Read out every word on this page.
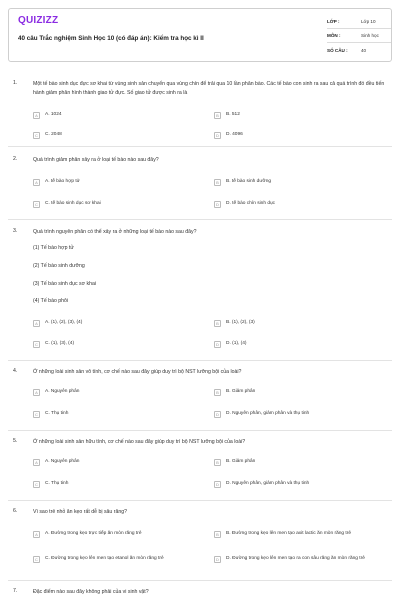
QUIZIZZ
40 câu Trắc nghiệm Sinh Học 10 (có đáp án): Kiểm tra học kì II
LỚP :	Lớp 10
MÔN :	Sinh học
SỐ CÂU :	40
1.	Một tế bào sinh dục đực sơ khai từ vùng sinh sản chuyển qua vùng chín để trải qua 10 lần phân bào. Các tế bào con sinh ra sau cả quá trình đó đều tiến hành giảm phân hình thành giao tử đực. Số giao tử được sinh ra là
A	A. 1024	B	B. 512
C	C. 2048	D	D. 4096
2.	Quá trình giảm phân xảy ra ở loại tế bào nào sau đây?
A	A. tế bào hợp tử	B	B. tế bào sinh dưỡng
C	C. tế bào sinh dục sơ khai	D	D. tế bào chín sinh dục
3.	Quá trình nguyên phân có thể xảy ra ở những loại tế bào nào sau đây?
(1) Tế bào hợp tử
(2) Tế bào sinh dưỡng
(3) Tế bào sinh dục sơ khai
(4) Tế bào phôi
A	A. (1), (2), (3), (4)	B	B. (1), (2), (3)
C	C. (1), (3), (4)	D	D. (1), (4)
4.	Ở những loài sinh sản vô tính, cơ chế nào sau đây giúp duy trì bộ NST lưỡng bội của loài?
A	A. Nguyên phân	B	B. Giảm phân
C	C. Thụ tinh	D	D. Nguyên phân, giảm phân và thụ tinh
5.	Ở những loài sinh sản hữu tính, cơ chế nào sau đây giúp duy trì bộ NST lưỡng bội của loài?
A	A. Nguyên phân	B	B. Giảm phân
C	C. Thụ tinh	D	D. Nguyên phân, giảm phân và thụ tinh
6.	Vì sao trẻ nhỏ ăn kẹo rất dễ bị sâu răng?
A	A. Đường trong kẹo trực tiếp ăn mòn răng trẻ	B	B. Đường trong kẹo lên men tạo axit lactic ăn mòn răng trẻ
C	C. Đường trong kẹo lên men tạo etanol ăn mòn răng trẻ	D	D. Đường trong kẹo lên men tạo ra con sâu răng ăn mòn răng trẻ
7.	Đặc điểm nào sau đây không phải của vi sinh vật?
